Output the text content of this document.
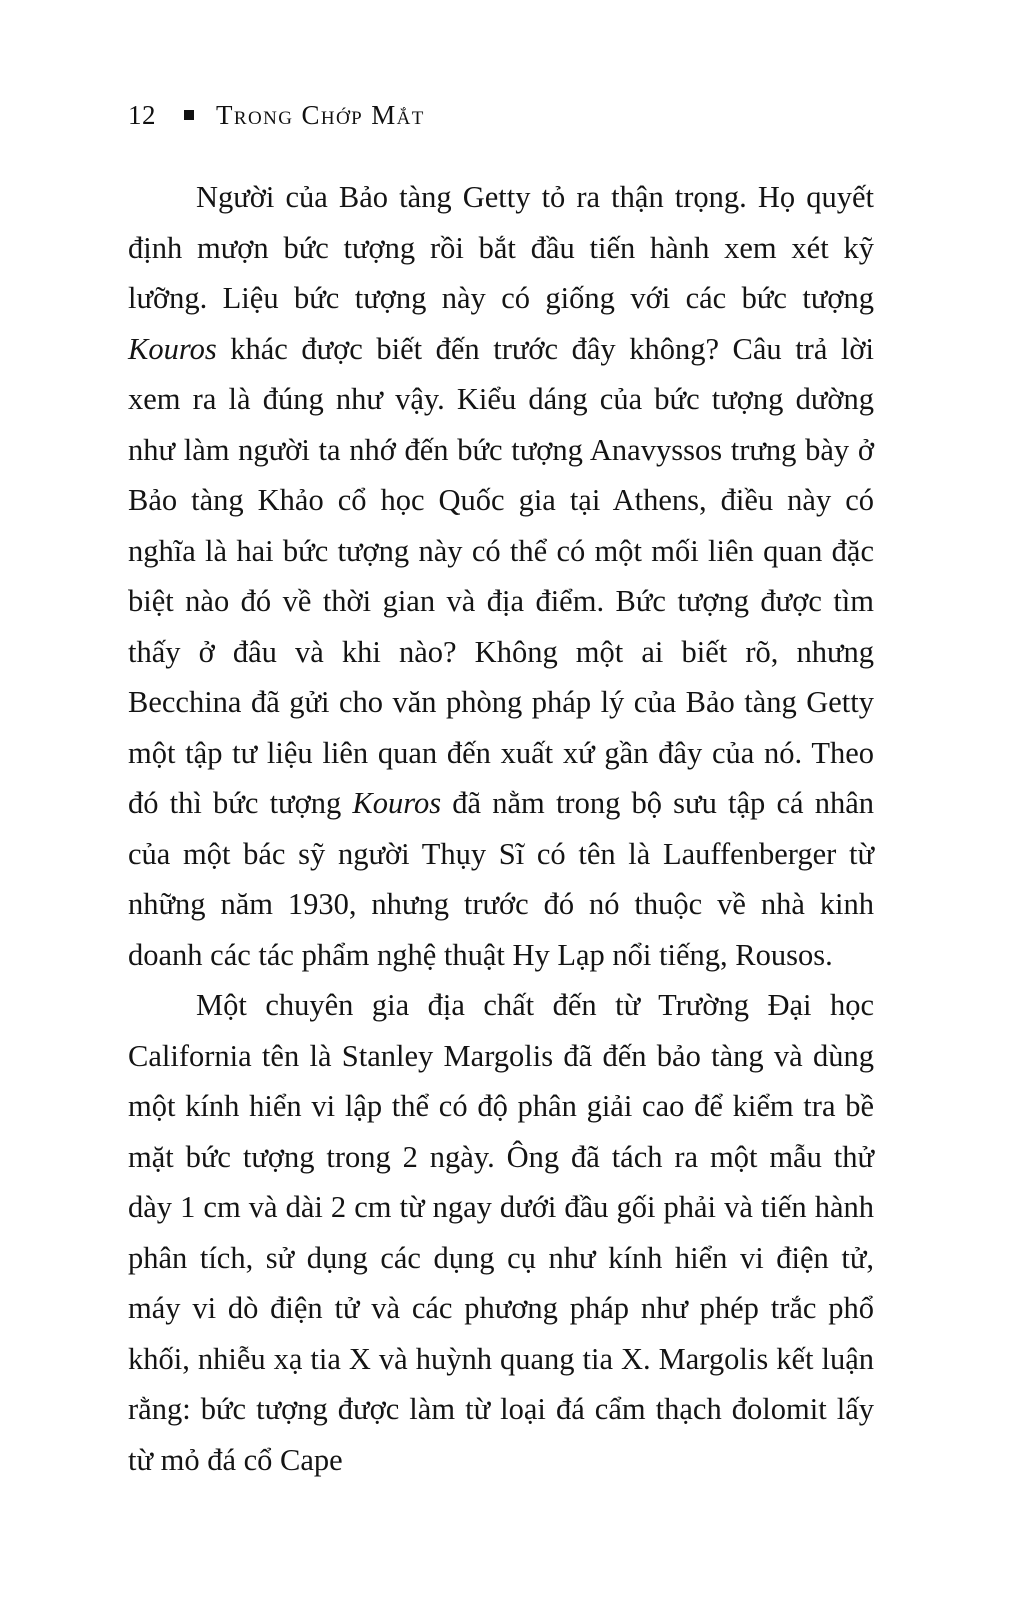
12 Trong Chớp Mắt

Người của Bảo tàng Getty tỏ ra thận trọng. Họ quyết định mượn bức tượng rồi bắt đầu tiến hành xem xét kỹ lưỡng. Liệu bức tượng này có giống với các bức tượng Kouros khác được biết đến trước đây không? Câu trả lời xem ra là đúng như vậy. Kiểu dáng của bức tượng dường như làm người ta nhớ đến bức tượng Anavyssos trưng bày ở Bảo tàng Khảo cổ học Quốc gia tại Athens, điều này có nghĩa là hai bức tượng này có thể có một mối liên quan đặc biệt nào đó về thời gian và địa điểm. Bức tượng được tìm thấy ở đâu và khi nào? Không một ai biết rõ, nhưng Becchina đã gửi cho văn phòng pháp lý của Bảo tàng Getty một tập tư liệu liên quan đến xuất xứ gần đây của nó. Theo đó thì bức tượng Kouros đã nằm trong bộ sưu tập cá nhân của một bác sỹ người Thụy Sĩ có tên là Lauffenberger từ những năm 1930, nhưng trước đó nó thuộc về nhà kinh doanh các tác phẩm nghệ thuật Hy Lạp nổi tiếng, Rousos.

Một chuyên gia địa chất đến từ Trường Đại học California tên là Stanley Margolis đã đến bảo tàng và dùng một kính hiển vi lập thể có độ phân giải cao để kiểm tra bề mặt bức tượng trong 2 ngày. Ông đã tách ra một mẫu thử dày 1 cm và dài 2 cm từ ngay dưới đầu gối phải và tiến hành phân tích, sử dụng các dụng cụ như kính hiển vi điện tử, máy vi dò điện tử và các phương pháp như phép trắc phổ khối, nhiễu xạ tia X và huỳnh quang tia X. Margolis kết luận rằng: bức tượng được làm từ loại đá cẩm thạch đolomit lấy từ mỏ đá cổ Cape
